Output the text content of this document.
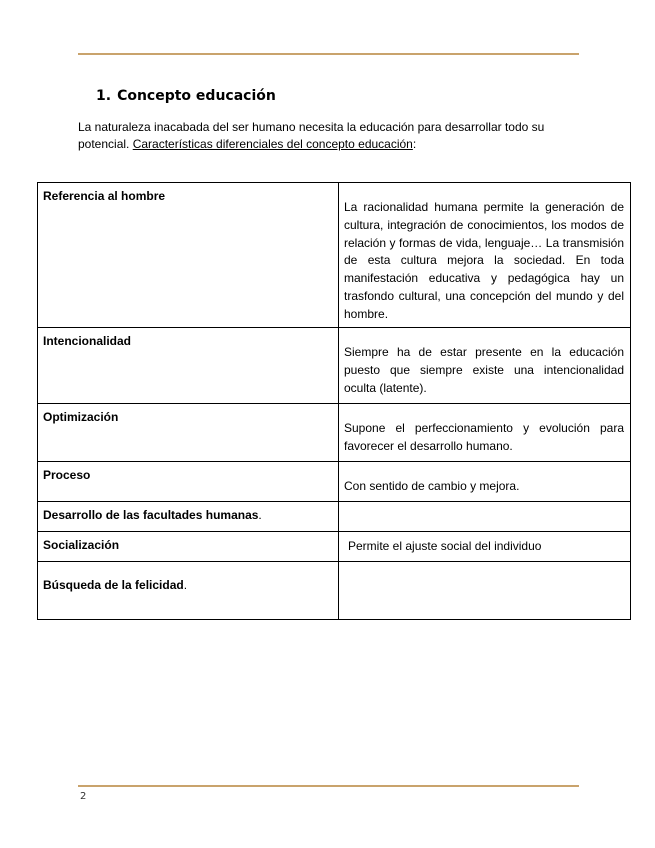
1. Concepto educación

La naturaleza inacabada del ser humano necesita la educación para desarrollar todo su potencial. Características diferenciales del concepto educación:

Referencia al hombre	La racionalidad humana permite la generación de cultura, integración de conocimientos, los modos de relación y formas de vida, lenguaje… La transmisión de esta cultura mejora la sociedad. En toda manifestación educativa y pedagógica hay un trasfondo cultural, una concepción del mundo y del hombre.
Intencionalidad	Siempre ha de estar presente en la educación puesto que siempre existe una intencionalidad oculta (latente).
Optimización	Supone el perfeccionamiento y evolución para favorecer el desarrollo humano.
Proceso	Con sentido de cambio y mejora.
Desarrollo de las facultades humanas.	
Socialización	Permite el ajuste social del individuo
Búsqueda de la felicidad.	
2
